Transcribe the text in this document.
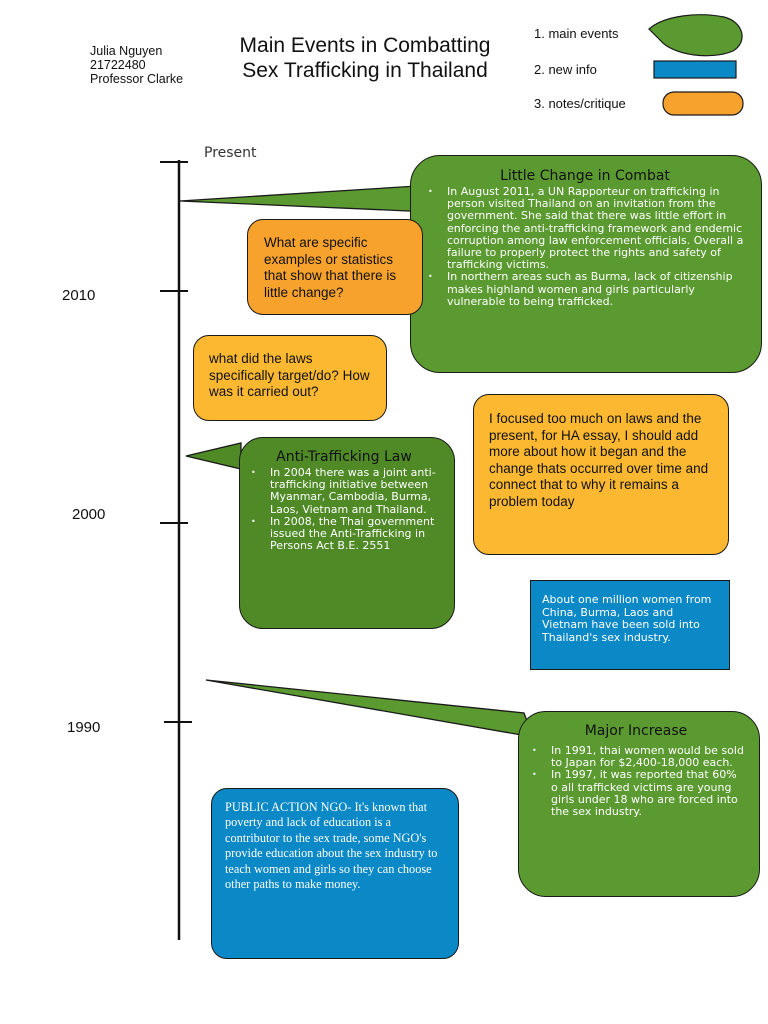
Julia Nguyen
21722480
Professor Clarke
Main Events in Combatting Sex Trafficking in Thailand
1. main events
2. new info
3. notes/critique
Present
2010
2000
1990
Little Change in Combat
• In August 2011, a UN Rapporteur on trafficking in person visited Thailand on an invitation from the government. She said that there was little effort in enforcing the anti-trafficking framework and endemic corruption among law enforcement officials. Overall a failure to properly protect the rights and safety of trafficking victims.
• In northern areas such as Burma, lack of citizenship makes highland women and girls particularly vulnerable to being trafficked.
What are specific examples or statistics that show that there is little change?
what did the laws specifically target/do? How was it carried out?
Anti-Trafficking Law
• In 2004 there was a joint anti-trafficking initiative between Myanmar, Cambodia, Burma, Laos, Vietnam and Thailand.
• In 2008, the Thai government issued the Anti-Trafficking in Persons Act B.E. 2551
I focused too much on laws and the present, for HA essay, I should add more about how it began and the change thats occurred over time and connect that to why it remains a problem today
About one million women from China, Burma, Laos and Vietnam have been sold into Thailand's sex industry.
Major Increase
• In 1991, thai women would be sold to Japan for $2,400-18,000 each.
• In 1997, it was reported that 60% o all trafficked victims are young girls under 18 who are forced into the sex industry.
PUBLIC ACTION NGO- It's known that poverty and lack of education is a contributor to the sex trade, some NGO's provide education about the sex industry to teach women and girls so they can choose other paths to make money.
